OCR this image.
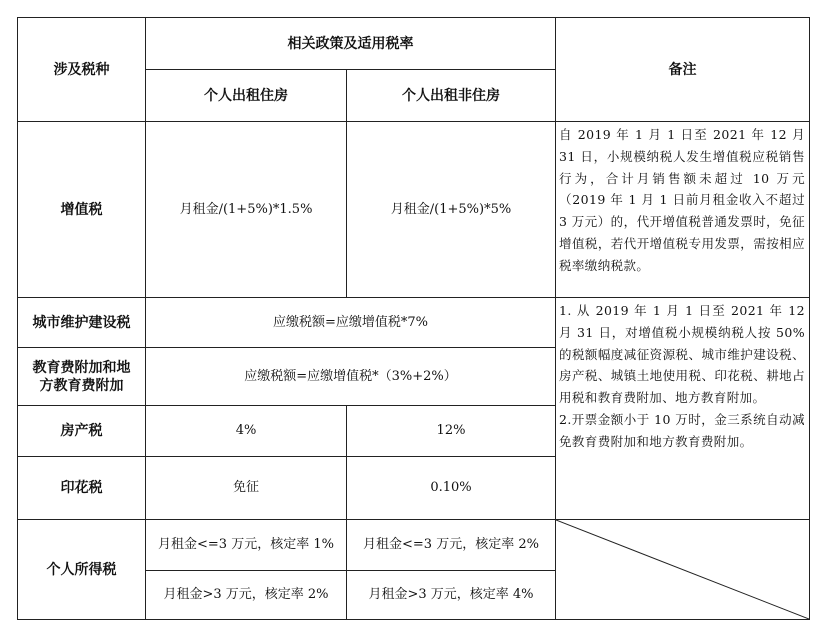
涉及税种	相关政策及适用税率		备注
	个人出租住房	个人出租非住房	
增值税	月租金/(1+5%)*1.5%	月租金/(1+5%)*5%	自 2019 年 1 月 1 日至 2021 年 12 月 31 日，小规模纳税人发生增值税应税销售行为，合计月销售额未超过 10 万元（2019 年 1 月 1 日前月租金收入不超过 3 万元）的，代开增值税普通发票时，免征增值税，若代开增值税专用发票，需按相应税率缴纳税款。
城市维护建设税	应缴税额=应缴增值税*7%		1. 从 2019 年 1 月 1 日至 2021 年 12 月 31 日，对增值税小规模纳税人按 50%的税额幅度减征资源税、城市维护建设税、房产税、城镇土地使用税、印花税、耕地占用税和教育费附加、地方教育附加。

2.开票金额小于 10 万时，金三系统自动减免教育费附加和地方教育费附加。

教育费附加和地
方教育费附加	应缴税额=应缴增值税*（3%+2%）		
房产税	4%	12%	
印花税	免征	0.10%	
个人所得税	月租金<=3 万元，核定率 1%	月租金<=3 万元，核定率 2%	

	月租金>3 万元，核定率 2%	月租金>3 万元，核定率 4%	
